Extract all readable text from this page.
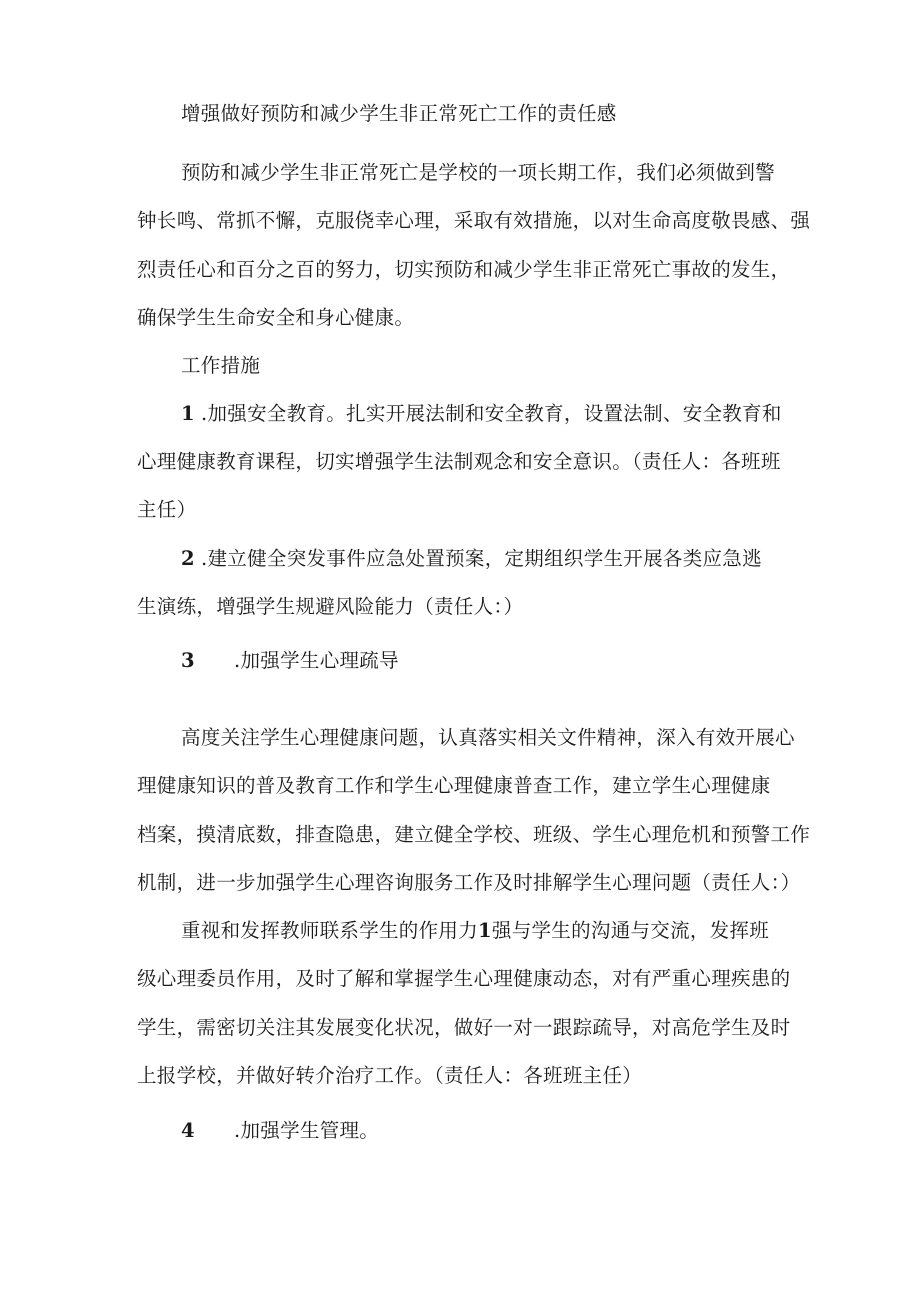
增强做好预防和减少学生非正常死亡工作的责任感
预防和减少学生非正常死亡是学校的一项长期工作，我们必须做到警
钟长鸣、常抓不懈，克服侥幸心理，采取有效措施，以对生命高度敬畏感、强
烈责任心和百分之百的努力，切实预防和减少学生非正常死亡事故的发生，
确保学生生命安全和身心健康。
工作措施
1 .加强安全教育。扎实开展法制和安全教育，设置法制、安全教育和
心理健康教育课程，切实增强学生法制观念和安全意识。（责任人：各班班
主任）
2 .建立健全突发事件应急处置预案，定期组织学生开展各类应急逃
生演练，增强学生规避风险能力（责任人：）
3 .加强学生心理疏导
高度关注学生心理健康问题，认真落实相关文件精神，深入有效开展心
理健康知识的普及教育工作和学生心理健康普查工作，建立学生心理健康
档案，摸清底数，排查隐患，建立健全学校、班级、学生心理危机和预警工作
机制，进一步加强学生心理咨询服务工作及时排解学生心理问题（责任人：）
重视和发挥教师联系学生的作用力1强与学生的沟通与交流，发挥班
级心理委员作用，及时了解和掌握学生心理健康动态，对有严重心理疾患的
学生，需密切关注其发展变化状况，做好一对一跟踪疏导，对高危学生及时
上报学校，并做好转介治疗工作。（责任人：各班班主任）
4 .加强学生管理。
